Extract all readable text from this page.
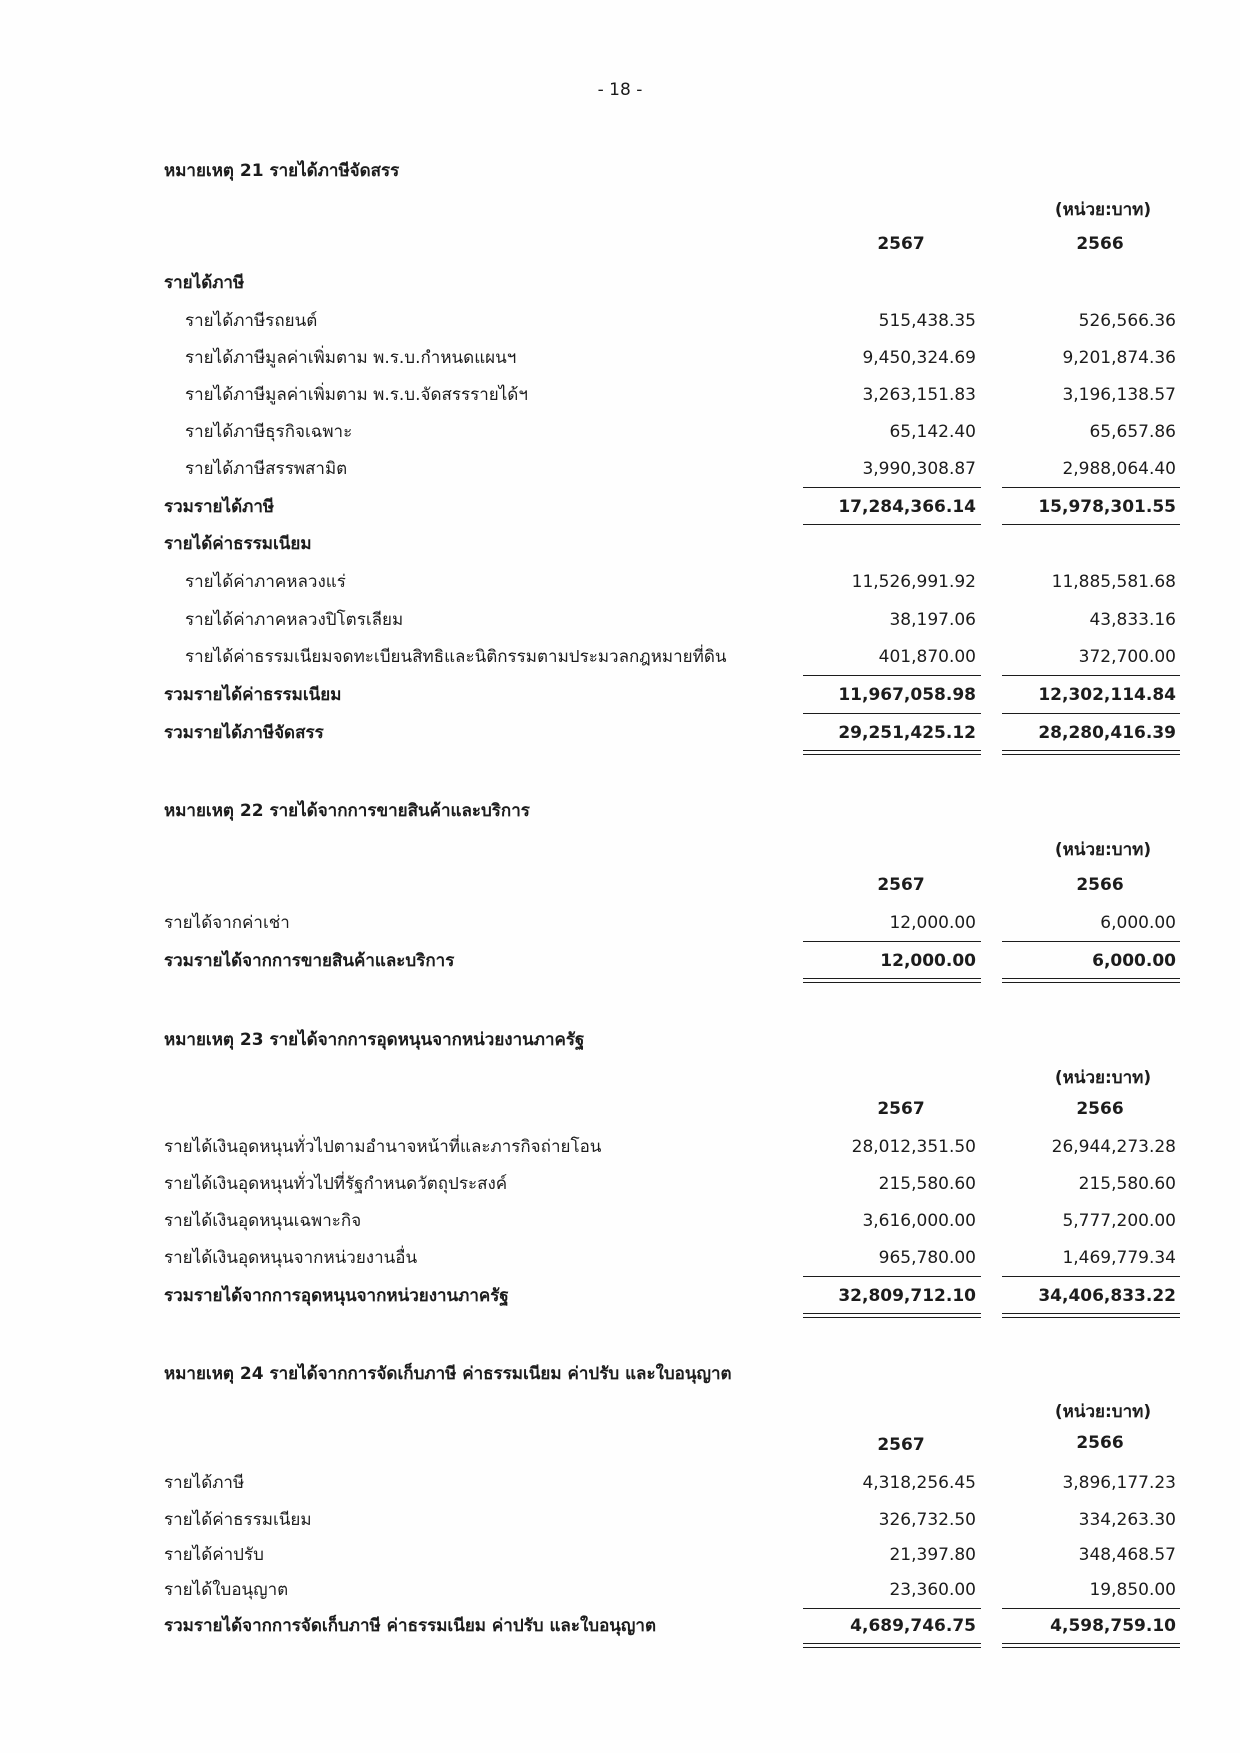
- 18 -
หมายเหตุ 21 รายได้ภาษีจัดสรร
(หน่วย:บาท)
2567	2566
รายได้ภาษี
รายได้ภาษีรถยนต์	515,438.35	526,566.36
รายได้ภาษีมูลค่าเพิ่มตาม พ.ร.บ.กำหนดแผนฯ	9,450,324.69	9,201,874.36
รายได้ภาษีมูลค่าเพิ่มตาม พ.ร.บ.จัดสรรรายได้ฯ	3,263,151.83	3,196,138.57
รายได้ภาษีธุรกิจเฉพาะ	65,142.40	65,657.86
รายได้ภาษีสรรพสามิต	3,990,308.87	2,988,064.40
รวมรายได้ภาษี	17,284,366.14	15,978,301.55
รายได้ค่าธรรมเนียม
รายได้ค่าภาคหลวงแร่	11,526,991.92	11,885,581.68
รายได้ค่าภาคหลวงปิโตรเลียม	38,197.06	43,833.16
รายได้ค่าธรรมเนียมจดทะเบียนสิทธิและนิติกรรมตามประมวลกฎหมายที่ดิน	401,870.00	372,700.00
รวมรายได้ค่าธรรมเนียม	11,967,058.98	12,302,114.84
รวมรายได้ภาษีจัดสรร	29,251,425.12	28,280,416.39
หมายเหตุ 22 รายได้จากการขายสินค้าและบริการ
(หน่วย:บาท)
2567	2566
รายได้จากค่าเช่า	12,000.00	6,000.00
รวมรายได้จากการขายสินค้าและบริการ	12,000.00	6,000.00
หมายเหตุ 23 รายได้จากการอุดหนุนจากหน่วยงานภาครัฐ
(หน่วย:บาท)
2567	2566
รายได้เงินอุดหนุนทั่วไปตามอำนาจหน้าที่และภารกิจถ่ายโอน	28,012,351.50	26,944,273.28
รายได้เงินอุดหนุนทั่วไปที่รัฐกำหนดวัตถุประสงค์	215,580.60	215,580.60
รายได้เงินอุดหนุนเฉพาะกิจ	3,616,000.00	5,777,200.00
รายได้เงินอุดหนุนจากหน่วยงานอื่น	965,780.00	1,469,779.34
รวมรายได้จากการอุดหนุนจากหน่วยงานภาครัฐ	32,809,712.10	34,406,833.22
หมายเหตุ 24 รายได้จากการจัดเก็บภาษี ค่าธรรมเนียม ค่าปรับ และใบอนุญาต
(หน่วย:บาท)
2567	2566
รายได้ภาษี	4,318,256.45	3,896,177.23
รายได้ค่าธรรมเนียม	326,732.50	334,263.30
รายได้ค่าปรับ	21,397.80	348,468.57
รายได้ใบอนุญาต	23,360.00	19,850.00
รวมรายได้จากการจัดเก็บภาษี ค่าธรรมเนียม ค่าปรับ และใบอนุญาต	4,689,746.75	4,598,759.10
